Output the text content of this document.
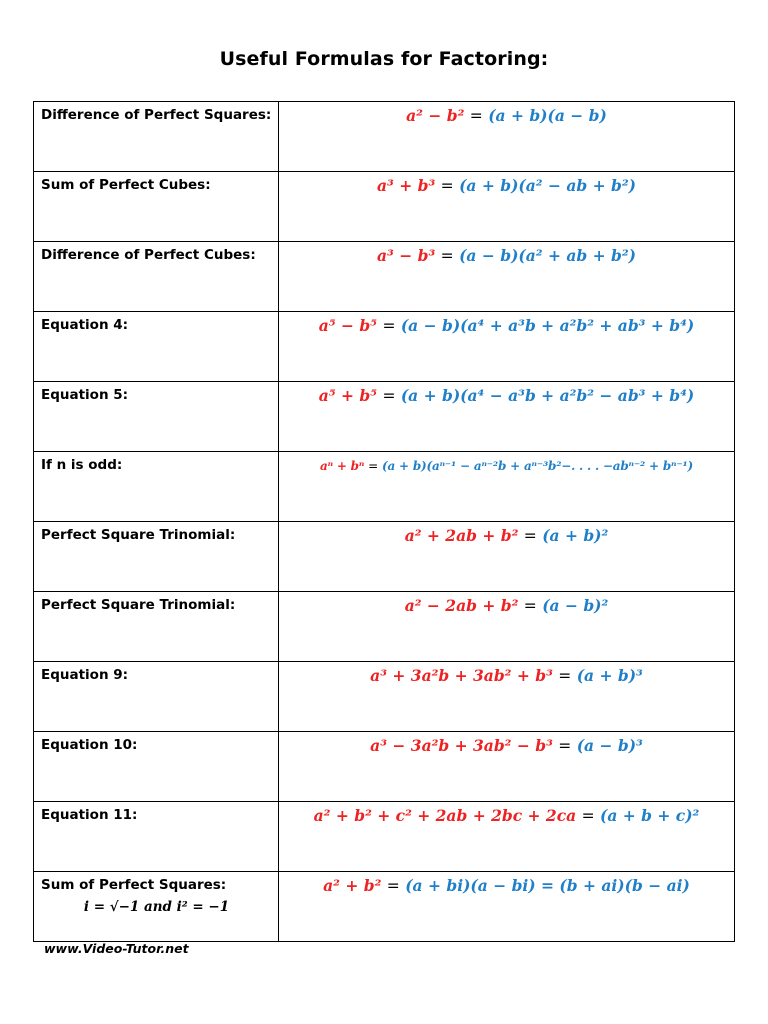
Useful Formulas for Factoring:
Difference of Perfect Squares:	a² − b² = (a + b)(a − b)
Sum of Perfect Cubes:	a³ + b³ = (a + b)(a² − ab + b²)
Difference of Perfect Cubes:	a³ − b³ = (a − b)(a² + ab + b²)
Equation 4:	a⁵ − b⁵ = (a − b)(a⁴ + a³b + a²b² + ab³ + b⁴)
Equation 5:	a⁵ + b⁵ = (a + b)(a⁴ − a³b + a²b² − ab³ + b⁴)
If n is odd:	aⁿ + bⁿ = (a + b)(aⁿ⁻¹ − aⁿ⁻²b + aⁿ⁻³b²−. . . . −abⁿ⁻² + bⁿ⁻¹)
Perfect Square Trinomial:	a² + 2ab + b² = (a + b)²
Perfect Square Trinomial:	a² − 2ab + b² = (a − b)²
Equation 9:	a³ + 3a²b + 3ab² + b³ = (a + b)³
Equation 10:	a³ − 3a²b + 3ab² − b³ = (a − b)³
Equation 11:	a² + b² + c² + 2ab + 2bc + 2ca = (a + b + c)²
Sum of Perfect Squares:
i = √−1 and i² = −1	a² + b² = (a + bi)(a − bi) = (b + ai)(b − ai)
www.Video-Tutor.net
